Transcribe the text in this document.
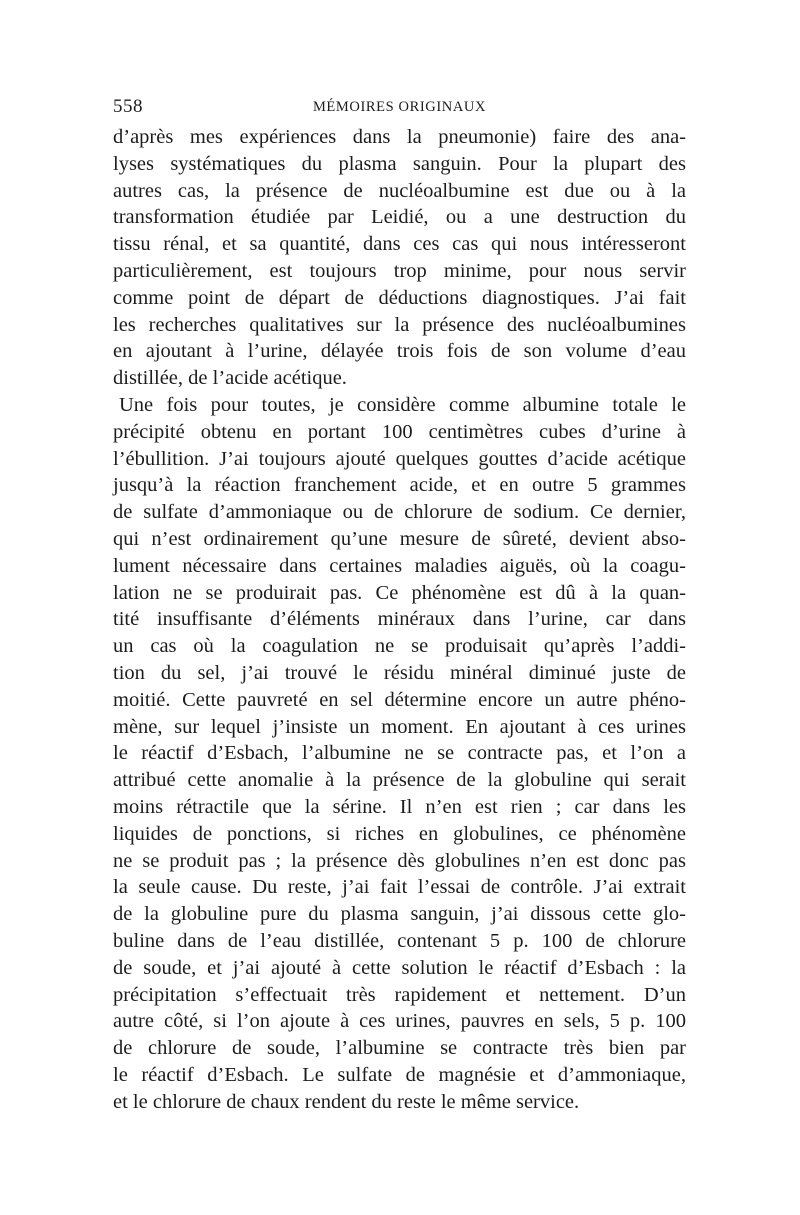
558	MÉMOIRES ORIGINAUX
d’après mes expériences dans la pneumonie) faire des ana-
lyses systématiques du plasma sanguin. Pour la plupart des
autres cas, la présence de nucléoalbumine est due ou à la
transformation étudiée par Leidié, ou a une destruction du
tissu rénal, et sa quantité, dans ces cas qui nous intéresseront
particulièrement, est toujours trop minime, pour nous servir
comme point de départ de déductions diagnostiques. J’ai fait
les recherches qualitatives sur la présence des nucléoalbumines
en ajoutant à l’urine, délayée trois fois de son volume d’eau
distillée, de l’acide acétique.
Une fois pour toutes, je considère comme albumine totale le
précipité obtenu en portant 100 centimètres cubes d’urine à
l’ébullition. J’ai toujours ajouté quelques gouttes d’acide acétique
jusqu’à la réaction franchement acide, et en outre 5 grammes
de sulfate d’ammoniaque ou de chlorure de sodium. Ce dernier,
qui n’est ordinairement qu’une mesure de sûreté, devient abso-
lument nécessaire dans certaines maladies aiguës, où la coagu-
lation ne se produirait pas. Ce phénomène est dû à la quan-
tité insuffisante d’éléments minéraux dans l’urine, car dans
un cas où la coagulation ne se produisait qu’après l’addi-
tion du sel, j’ai trouvé le résidu minéral diminué juste de
moitié. Cette pauvreté en sel détermine encore un autre phéno-
mène, sur lequel j’insiste un moment. En ajoutant à ces urines
le réactif d’Esbach, l’albumine ne se contracte pas, et l’on a
attribué cette anomalie à la présence de la globuline qui serait
moins rétractile que la sérine. Il n’en est rien ; car dans les
liquides de ponctions, si riches en globulines, ce phénomène
ne se produit pas ; la présence dès globulines n’en est donc pas
la seule cause. Du reste, j’ai fait l’essai de contrôle. J’ai extrait
de la globuline pure du plasma sanguin, j’ai dissous cette glo-
buline dans de l’eau distillée, contenant 5 p. 100 de chlorure
de soude, et j’ai ajouté à cette solution le réactif d’Esbach : la
précipitation s’effectuait très rapidement et nettement. D’un
autre côté, si l’on ajoute à ces urines, pauvres en sels, 5 p. 100
de chlorure de soude, l’albumine se contracte très bien par
le réactif d’Esbach. Le sulfate de magnésie et d’ammoniaque,
et le chlorure de chaux rendent du reste le même service.
